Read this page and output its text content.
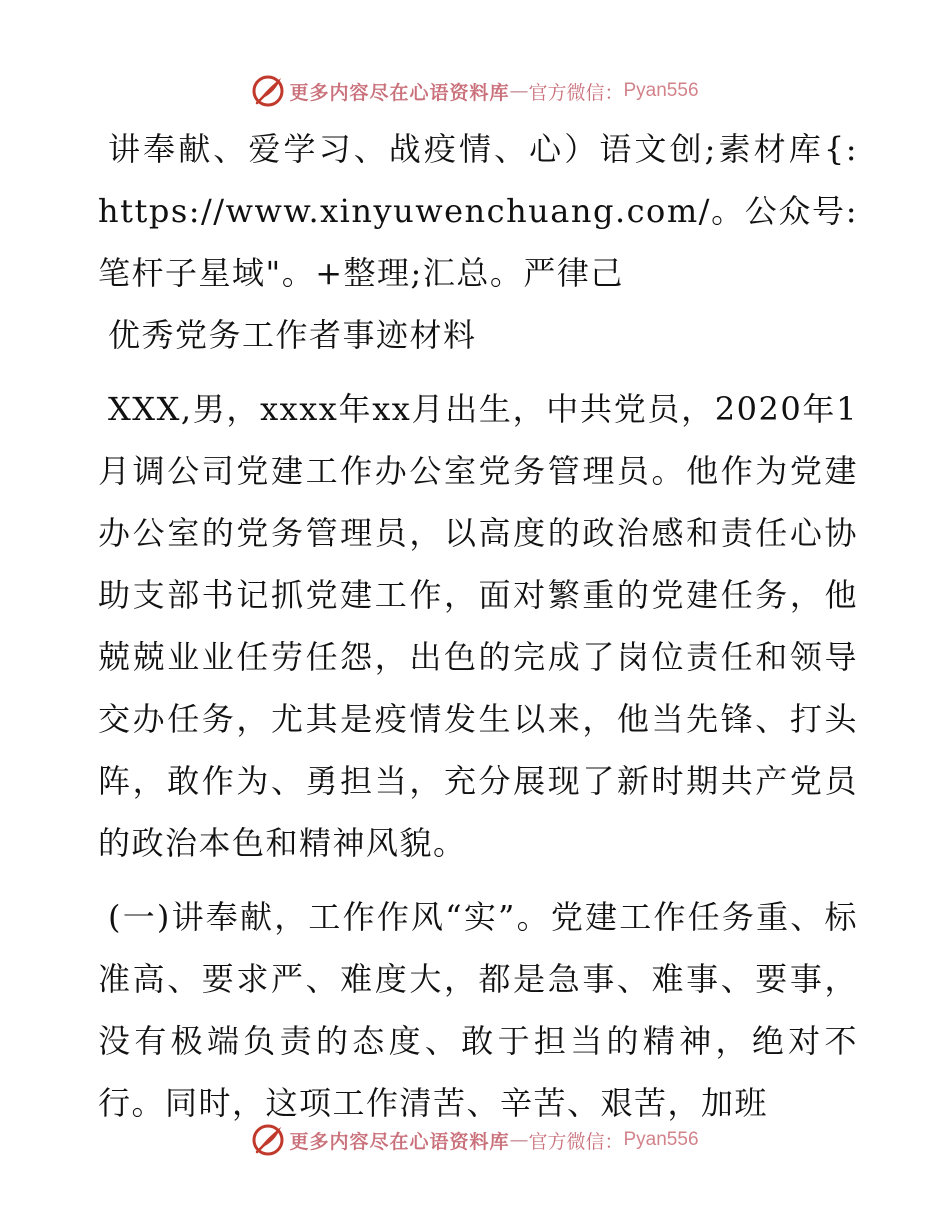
更多内容尽在心语资料库 — 官方微信： Pyan556

讲奉献、爱学习、战疫情、心）语文创;素材库{: https://www.xinyuwenchuang.com/。公众号:笔杆子星域"。+整理;汇总。严律己

优秀党务工作者事迹材料

XXX,男，xxxx年xx月出生，中共党员，2020年1月调公司党建工作办公室党务管理员。他作为党建办公室的党务管理员，以高度的政治感和责任心协助支部书记抓党建工作，面对繁重的党建任务，他兢兢业业任劳任怨，出色的完成了岗位责任和领导交办任务，尤其是疫情发生以来，他当先锋、打头阵，敢作为、勇担当，充分展现了新时期共产党员的政治本色和精神风貌。

(一)讲奉献，工作作风“实”。党建工作任务重、标准高、要求严、难度大，都是急事、难事、要事，没有极端负责的态度、敢于担当的精神，绝对不行。同时，这项工作清苦、辛苦、艰苦，加班

更多内容尽在心语资料库 — 官方微信： Pyan556
